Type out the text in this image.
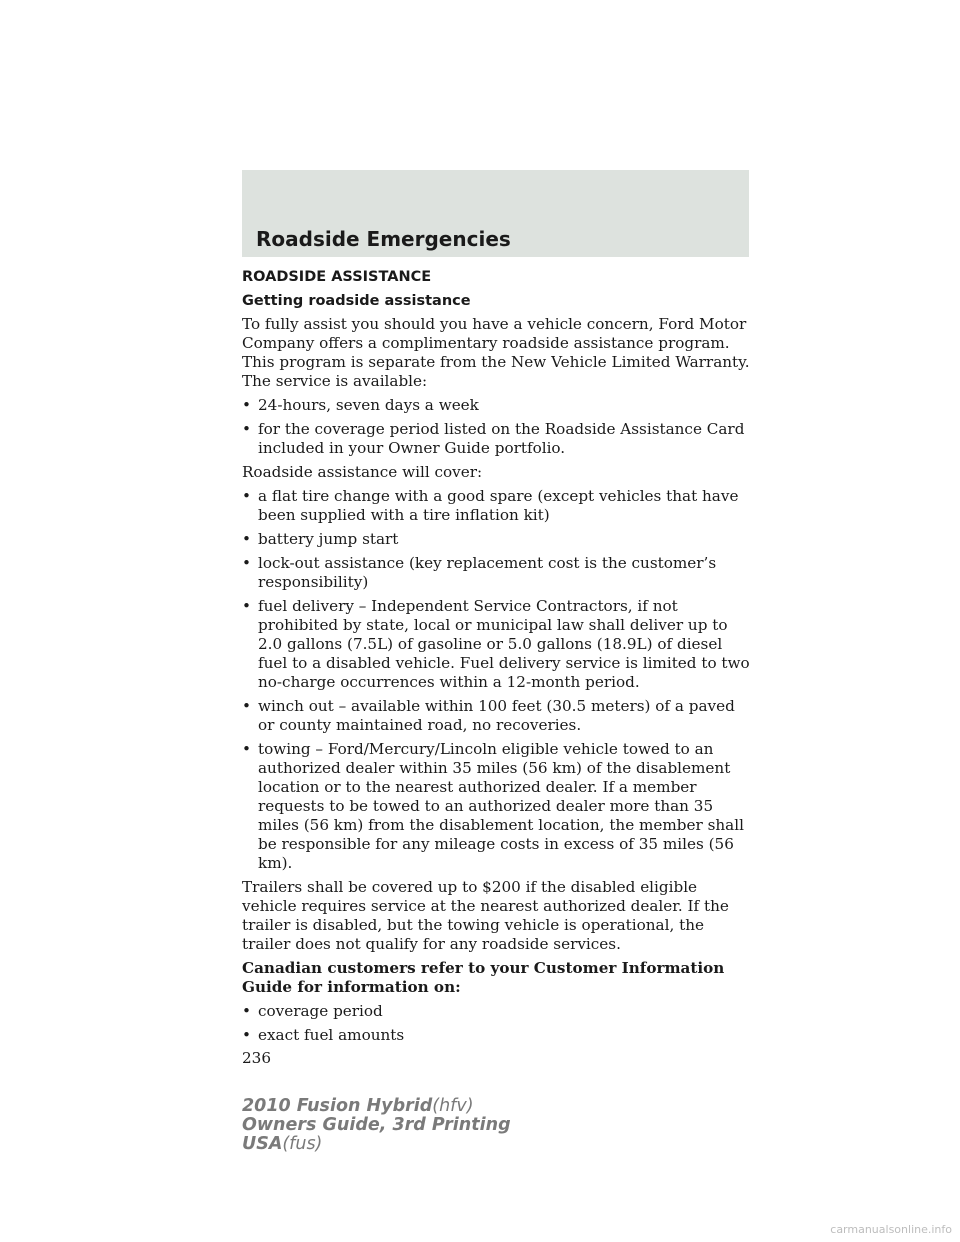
Roadside Emergencies
ROADSIDE ASSISTANCE
Getting roadside assistance

To fully assist you should you have a vehicle concern, Ford Motor Company offers a complimentary roadside assistance program. This program is separate from the New Vehicle Limited Warranty. The service is available:

• 24-hours, seven days a week
• for the coverage period listed on the Roadside Assistance Card included in your Owner Guide portfolio.

Roadside assistance will cover:

• a flat tire change with a good spare (except vehicles that have been supplied with a tire inflation kit)
• battery jump start
• lock-out assistance (key replacement cost is the customer’s responsibility)
• fuel delivery – Independent Service Contractors, if not prohibited by state, local or municipal law shall deliver up to 2.0 gallons (7.5L) of gasoline or 5.0 gallons (18.9L) of diesel fuel to a disabled vehicle. Fuel delivery service is limited to two no-charge occurrences within a 12-month period.
• winch out – available within 100 feet (30.5 meters) of a paved or county maintained road, no recoveries.
• towing – Ford/Mercury/Lincoln eligible vehicle towed to an authorized dealer within 35 miles (56 km) of the disablement location or to the nearest authorized dealer. If a member requests to be towed to an authorized dealer more than 35 miles (56 km) from the disablement location, the member shall be responsible for any mileage costs in excess of 35 miles (56 km).

Trailers shall be covered up to $200 if the disabled eligible vehicle requires service at the nearest authorized dealer. If the trailer is disabled, but the towing vehicle is operational, the trailer does not qualify for any roadside services.

Canadian customers refer to your Customer Information Guide for information on:

• coverage period
• exact fuel amounts
236
2010 Fusion Hybrid(hfv)
Owners Guide, 3rd Printing
USA(fus)
carmanualsonline.info
